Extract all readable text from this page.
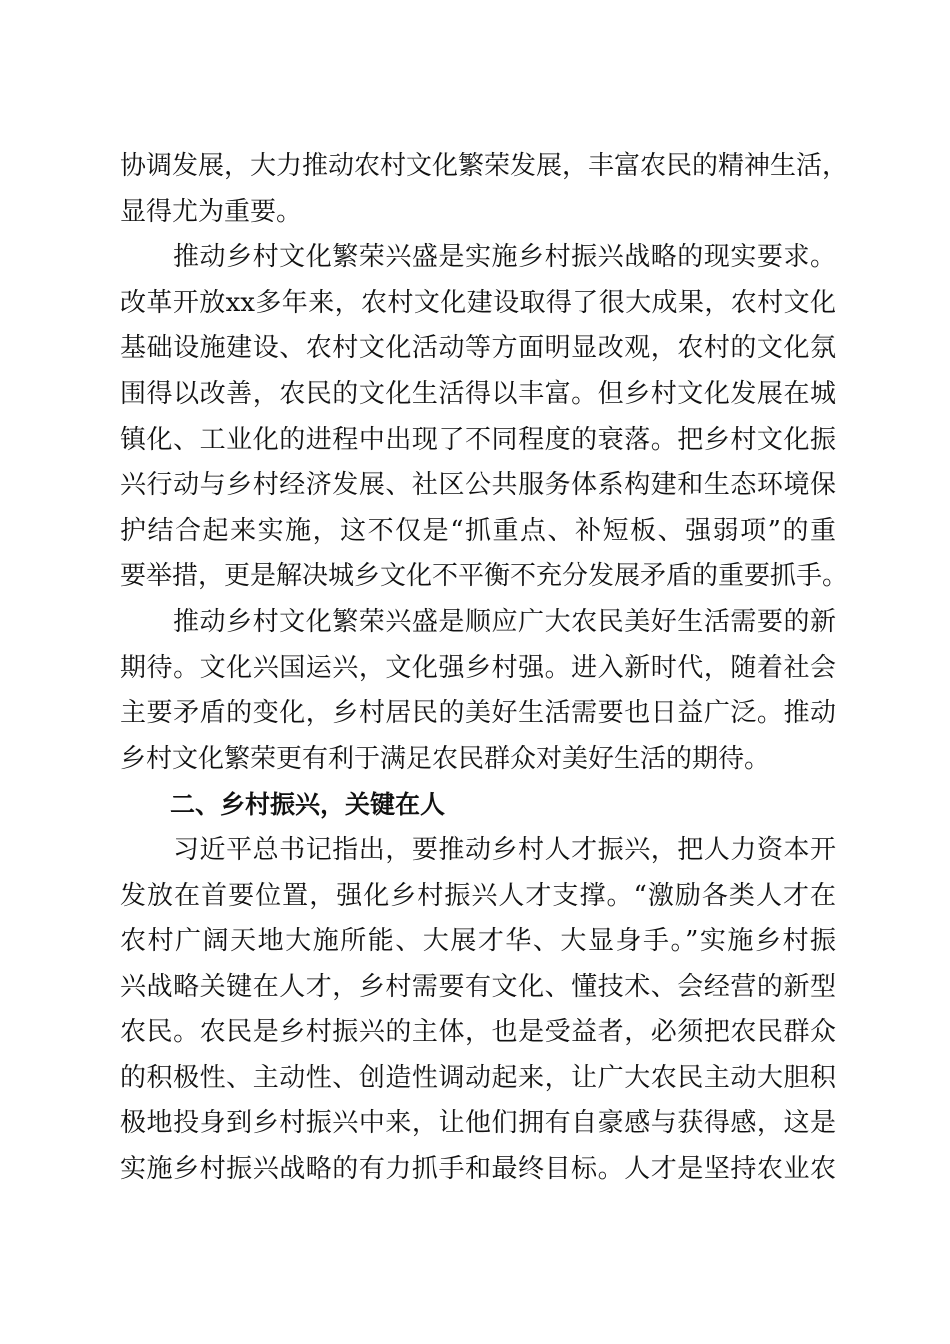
协调发展，大力推动农村文化繁荣发展，丰富农民的精神生活，
显得尤为重要。
推动乡村文化繁荣兴盛是实施乡村振兴战略的现实要求。
改革开放xx多年来，农村文化建设取得了很大成果，农村文化
基础设施建设、农村文化活动等方面明显改观，农村的文化氛
围得以改善，农民的文化生活得以丰富。但乡村文化发展在城
镇化、工业化的进程中出现了不同程度的衰落。把乡村文化振
兴行动与乡村经济发展、社区公共服务体系构建和生态环境保
护结合起来实施，这不仅是“抓重点、补短板、强弱项”的重
要举措，更是解决城乡文化不平衡不充分发展矛盾的重要抓手。
推动乡村文化繁荣兴盛是顺应广大农民美好生活需要的新
期待。文化兴国运兴，文化强乡村强。进入新时代，随着社会
主要矛盾的变化，乡村居民的美好生活需要也日益广泛。推动
乡村文化繁荣更有利于满足农民群众对美好生活的期待。
二、乡村振兴，关键在人
习近平总书记指出，要推动乡村人才振兴，把人力资本开
发放在首要位置，强化乡村振兴人才支撑。“激励各类人才在
农村广阔天地大施所能、大展才华、大显身手。”实施乡村振
兴战略关键在人才，乡村需要有文化、懂技术、会经营的新型
农民。农民是乡村振兴的主体，也是受益者，必须把农民群众
的积极性、主动性、创造性调动起来，让广大农民主动大胆积
极地投身到乡村振兴中来，让他们拥有自豪感与获得感，这是
实施乡村振兴战略的有力抓手和最终目标。人才是坚持农业农
